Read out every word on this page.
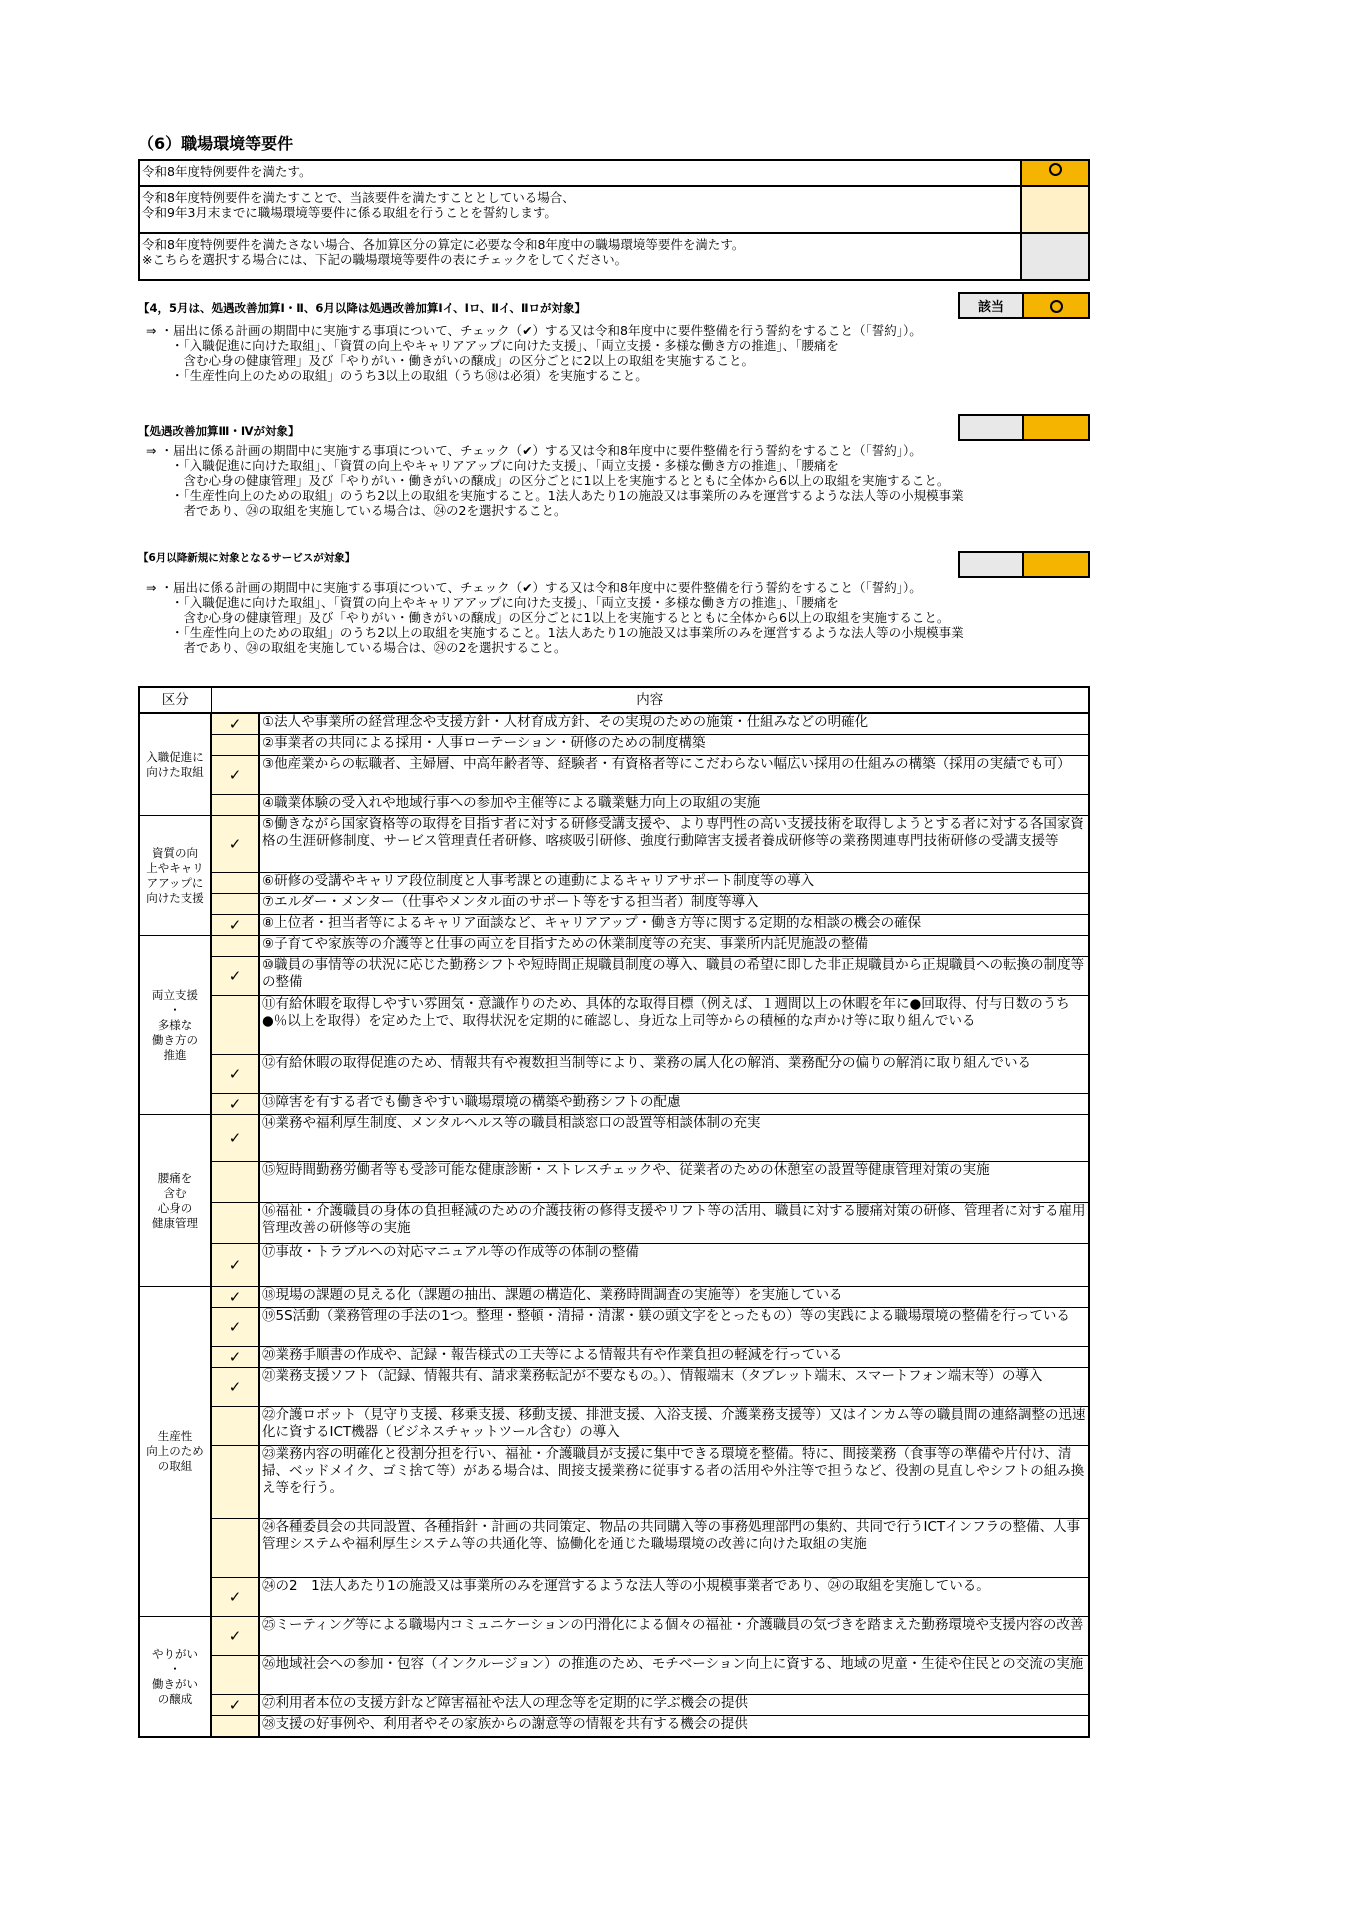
（6）職場環境等要件
令和8年度特例要件を満たす。

令和8年度特例要件を満たすことで、当該要件を満たすこととしている場合、
令和9年3月末までに職場環境等要件に係る取組を行うことを誓約します。

令和8年度特例要件を満たさない場合、各加算区分の算定に必要な令和8年度中の職場環境等要件を満たす。
※こちらを選択する場合には、下記の職場環境等要件の表にチェックをしてください。

【4，5月は、処遇改善加算Ⅰ・Ⅱ、6月以降は処遇改善加算Ⅰイ、Ⅰロ、Ⅱイ、Ⅱロが対象】	該当
⇒ ・届出に係る計画の期間中に実施する事項について、チェック（✔）する又は令和8年度中に要件整備を行う誓約をすること（「誓約」）。
　　・「入職促進に向けた取組」、「資質の向上やキャリアアップに向けた支援」、「両立支援・多様な働き方の推進」、「腰痛を
　　　含む心身の健康管理」及び「やりがい・働きがいの醸成」の区分ごとに2以上の取組を実施すること。
　　・「生産性向上のための取組」のうち3以上の取組（うち⑱は必須）を実施すること。
【処遇改善加算Ⅲ・Ⅳが対象】
⇒ ・届出に係る計画の期間中に実施する事項について、チェック（✔）する又は令和8年度中に要件整備を行う誓約をすること（「誓約」）。
　　・「入職促進に向けた取組」、「資質の向上やキャリアアップに向けた支援」、「両立支援・多様な働き方の推進」、「腰痛を
　　　含む心身の健康管理」及び「やりがい・働きがいの醸成」の区分ごとに1以上を実施するとともに全体から6以上の取組を実施すること。
　　・「生産性向上のための取組」のうち2以上の取組を実施すること。1法人あたり1の施設又は事業所のみを運営するような法人等の小規模事業
　　　者であり、㉔の取組を実施している場合は、㉔の2を選択すること。
【6月以降新規に対象となるサービスが対象】
⇒ ・届出に係る計画の期間中に実施する事項について、チェック（✔）する又は令和8年度中に要件整備を行う誓約をすること（「誓約」）。
　　・「入職促進に向けた取組」、「資質の向上やキャリアアップに向けた支援」、「両立支援・多様な働き方の推進」、「腰痛を
　　　含む心身の健康管理」及び「やりがい・働きがいの醸成」の区分ごとに1以上を実施するとともに全体から6以上の取組を実施すること。
　　・「生産性向上のための取組」のうち2以上の取組を実施すること。1法人あたり1の施設又は事業所のみを運営するような法人等の小規模事業
　　　者であり、㉔の取組を実施している場合は、㉔の2を選択すること。
区分	内容	
入職促進に
向けた取組	✓	①法人や事業所の経営理念や支援方針・人材育成方針、その実現のための施策・仕組みなどの明確化
		②事業者の共同による採用・人事ローテーション・研修のための制度構築
	✓	③他産業からの転職者、主婦層、中高年齢者等、経験者・有資格者等にこだわらない幅広い採用の仕組みの構築（採用の実績でも可）
		④職業体験の受入れや地域行事への参加や主催等による職業魅力向上の取組の実施
資質の向
上やキャリ
アアップに
向けた支援	✓	⑤働きながら国家資格等の取得を目指す者に対する研修受講支援や、より専門性の高い支援技術を取得しようとする者に対する各国家資格の生涯研修制度、サービス管理責任者研修、喀痰吸引研修、強度行動障害支援者養成研修等の業務関連専門技術研修の受講支援等
		⑥研修の受講やキャリア段位制度と人事考課との連動によるキャリアサポート制度等の導入
		⑦エルダー・メンター（仕事やメンタル面のサポート等をする担当者）制度等導入
	✓	⑧上位者・担当者等によるキャリア面談など、キャリアアップ・働き方等に関する定期的な相談の機会の確保
両立支援
・
多様な
働き方の
推進		⑨子育てや家族等の介護等と仕事の両立を目指すための休業制度等の充実、事業所内託児施設の整備
	✓	⑩職員の事情等の状況に応じた勤務シフトや短時間正規職員制度の導入、職員の希望に即した非正規職員から正規職員への転換の制度等の整備
		⑪有給休暇を取得しやすい雰囲気・意識作りのため、具体的な取得目標（例えば、１週間以上の休暇を年に●回取得、付与日数のうち●％以上を取得）を定めた上で、取得状況を定期的に確認し、身近な上司等からの積極的な声かけ等に取り組んでいる
	✓	⑫有給休暇の取得促進のため、情報共有や複数担当制等により、業務の属人化の解消、業務配分の偏りの解消に取り組んでいる
	✓	⑬障害を有する者でも働きやすい職場環境の構築や勤務シフトの配慮
腰痛を
含む
心身の
健康管理	✓	⑭業務や福利厚生制度、メンタルヘルス等の職員相談窓口の設置等相談体制の充実
		⑮短時間勤務労働者等も受診可能な健康診断・ストレスチェックや、従業者のための休憩室の設置等健康管理対策の実施
		⑯福祉・介護職員の身体の負担軽減のための介護技術の修得支援やリフト等の活用、職員に対する腰痛対策の研修、管理者に対する雇用管理改善の研修等の実施
	✓	⑰事故・トラブルへの対応マニュアル等の作成等の体制の整備
生産性
向上のため
の取組	✓	⑱現場の課題の見える化（課題の抽出、課題の構造化、業務時間調査の実施等）を実施している
	✓	⑲5S活動（業務管理の手法の1つ。整理・整頓・清掃・清潔・躾の頭文字をとったもの）等の実践による職場環境の整備を行っている
	✓	⑳業務手順書の作成や、記録・報告様式の工夫等による情報共有や作業負担の軽減を行っている
	✓	㉑業務支援ソフト（記録、情報共有、請求業務転記が不要なもの。）、情報端末（タブレット端末、スマートフォン端末等）の導入
		㉒介護ロボット（見守り支援、移乗支援、移動支援、排泄支援、入浴支援、介護業務支援等）又はインカム等の職員間の連絡調整の迅速化に資するICT機器（ビジネスチャットツール含む）の導入
		㉓業務内容の明確化と役割分担を行い、福祉・介護職員が支援に集中できる環境を整備。特に、間接業務（食事等の準備や片付け、清掃、ベッドメイク、ゴミ捨て等）がある場合は、間接支援業務に従事する者の活用や外注等で担うなど、役割の見直しやシフトの組み換え等を行う。
		㉔各種委員会の共同設置、各種指針・計画の共同策定、物品の共同購入等の事務処理部門の集約、共同で行うICTインフラの整備、人事管理システムや福利厚生システム等の共通化等、協働化を通じた職場環境の改善に向けた取組の実施
	✓	㉔の2　1法人あたり1の施設又は事業所のみを運営するような法人等の小規模事業者であり、㉔の取組を実施している。
やりがい
・
働きがい
の醸成	✓	㉕ミーティング等による職場内コミュニケーションの円滑化による個々の福祉・介護職員の気づきを踏まえた勤務環境や支援内容の改善
		㉖地域社会への参加・包容（インクルージョン）の推進のため、モチベーション向上に資する、地域の児童・生徒や住民との交流の実施
	✓	㉗利用者本位の支援方針など障害福祉や法人の理念等を定期的に学ぶ機会の提供
		㉘支援の好事例や、利用者やその家族からの謝意等の情報を共有する機会の提供
